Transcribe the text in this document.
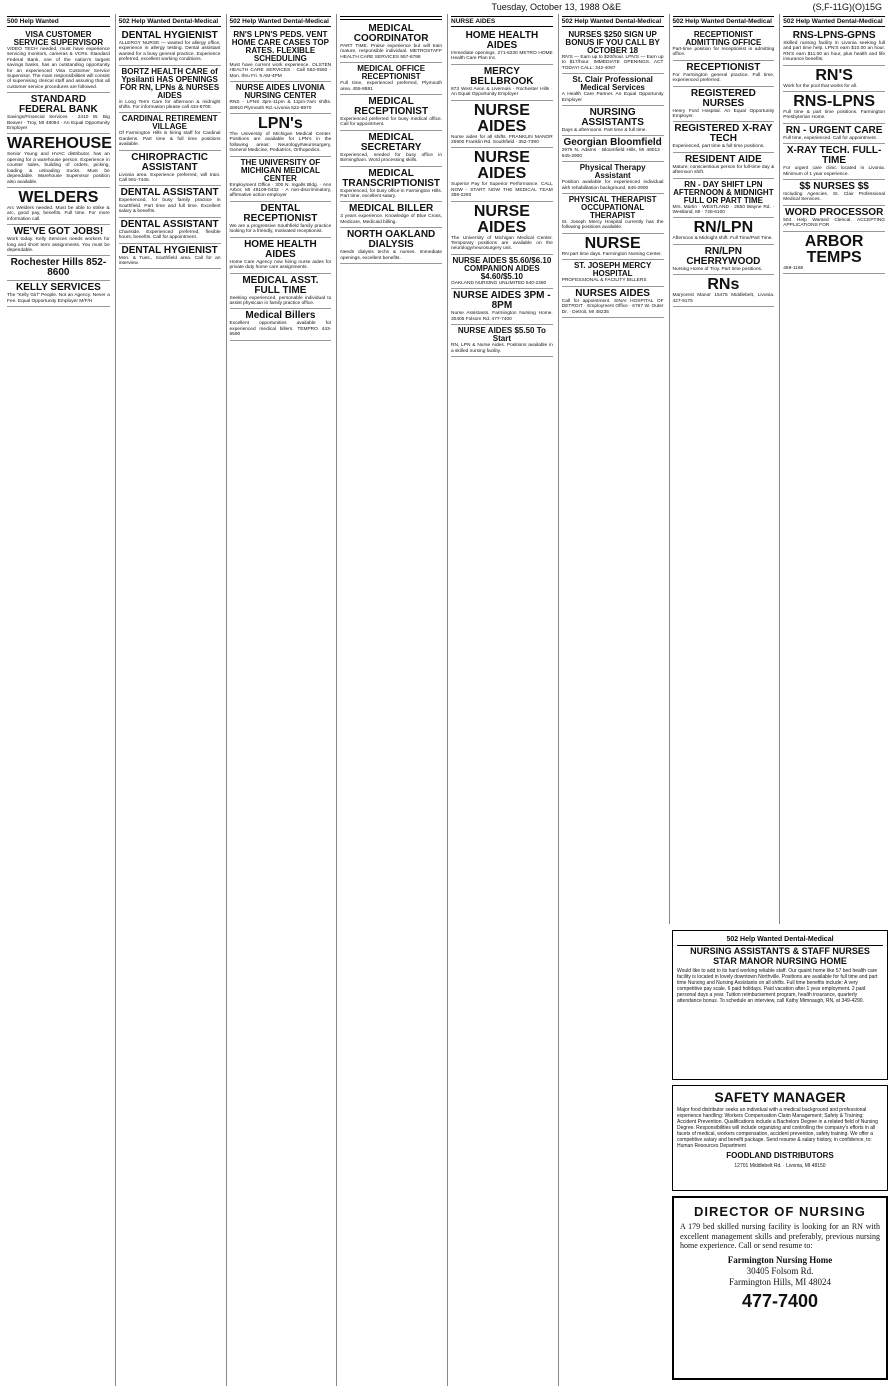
Tuesday, October 13, 1988 O&E	(S,F-11G)(O)15G
500 Help Wanted
VISA CUSTOMER SERVICE SUPERVISOR
VIDEO TECH needed, must have experience servicing monitors, cameras & VCRs. Standard Federal Bank, one of the nation's largest savings banks, has an outstanding opportunity for an experienced Visa Customer Service Supervisor. The main responsibilities will consist of supervising clerical staff and assuring that all customer service procedures are followed.
STANDARD FEDERAL BANK
Savings/Financial Services · 2410 W. Big Beaver · Troy, MI 48084 · An Equal Opportunity Employer
WAREHOUSE
Senior Young and HVAC distributor, has an opening for a warehouse person. Experience in counter sales, building of orders, picking, loading & unloading trucks. Must be dependable. Warehouse Supervisor position also available.
WELDERS
Arc Welders needed. Must be able to strike & arc, good pay, benefits. Full time. For more information call.
WE'VE GOT JOBS!
Work today. Kelly Services needs workers for long and short term assignments. You must be dependable.
Rochester Hills 852-8600
KELLY SERVICES
The "Kelly Girl" People. Not an Agency. Never a Fee. Equal Opportunity Employer M/F/H
502 Help Wanted Dental-Medical
DENTAL HYGIENIST
ALLERGY NURSE — wanted for allergy office, experience in allergy testing. Dental assistant wanted for a busy general practice. Experience preferred, excellent working conditions.
BORTZ HEALTH CARE of Ypsilanti HAS OPENINGS FOR RN, LPNs & NURSES AIDES
in Long Term Care for afternoon & midnight shifts. For information please call 434-8700.
CARDINAL RETIREMENT VILLAGE
Of Farmington Hills is hiring staff for Cardinal Gardens. Part time & full time positions available.
CHIROPRACTIC ASSISTANT
Livonia area. Experience preferred, will train. Call 591-7445.
DENTAL ASSISTANT
Experienced, for busy family practice in Southfield. Part time and full time. Excellent salary & benefits.
DENTAL ASSISTANT
Chairside. Experienced preferred, flexible hours, benefits. Call for appointment.
DENTAL HYGIENIST
Mon. & Tues., Southfield area. Call for an interview.
502 Help Wanted Dental-Medical
RN'S LPN'S PEDS. VENT HOME CARE CASES TOP RATES. FLEXIBLE SCHEDULING
Must have current work experience. OLSTEN HEALTH CARE SERVICES · Call 562-0550 · Mon. thru Fri. 9 AM-4PM
NURSE AIDES LIVONIA NURSING CENTER
RNS - LPNS 3pm-11pm & 11pm-7am shifts. 28910 Plymouth Rd.-Livonia 522-8970
LPN's
The University of Michigan Medical Center. Positions are available for LPN's in the following areas: Neurology/Neurosurgery, General Medicine, Pediatrics, Orthopedics.
THE UNIVERSITY OF MICHIGAN MEDICAL CENTER
Employment Office · 300 N. Ingalls Bldg. · Ann Arbor, MI 48109-0432 · A non-discriminatory, affirmative action employer
DENTAL RECEPTIONIST
We are a progressive Southfield family practice looking for a friendly, motivated receptionist.
HOME HEALTH AIDES
Home Care Agency now hiring nurse aides for private duty home care assignments.
MEDICAL ASST. FULL TIME
Seeking experienced, personable individual to assist physician in family practice office.
Medical Billers
Excellent opportunities available for experienced medical billers. TEMPRO 443-5590
MEDICAL COORDINATOR
PART TIME. Praise experience but will train mature, responsible individual. METROSTAFF HEALTH CARE SERVICES 557-8788
MEDICAL OFFICE RECEPTIONIST
Full time, experienced preferred, Plymouth area. 455-8881
MEDICAL RECEPTIONIST
Experienced preferred for busy medical office. Call for appointment.
MEDICAL SECRETARY
Experienced, needed for busy office in Birmingham. Word processing skills.
MEDICAL TRANSCRIPTIONIST
Experienced, for busy office in Farmington Hills. Part time, excellent salary.
MEDICAL BILLER
3 years experience. Knowledge of Blue Cross, Medicare, Medicaid billing.
NORTH OAKLAND DIALYSIS
Needs dialysis techs & nurses. Immediate openings, excellent benefits.
NURSE AIDES
HOME HEALTH AIDES
Immediate openings. 271-6230 METRO HOME Health Care Plan Inc.
MERCY BELLBROOK
873 West Avon & Livernois · Rochester Hills · An Equal Opportunity Employer
NURSE AIDES
Nurse aides for all shifts. FRANKLIN MANOR 26900 Franklin Rd. Southfield · 352-7390
NURSE AIDES
Superior Pay for Superior Performance. CALL NOW - START NOW THE MEDICAL TEAM 358-2260
NURSE AIDES
The University of Michigan Medical Center. Temporary positions are available on the neurology/neurosurgery unit.
NURSE AIDES $5.60/$6.10 COMPANION AIDES $4.60/$5.10
OAKLAND NURSING UNLIMITED 540-2360
NURSE AIDES 3PM - 8PM
Nurse Assistants. Farmington Nursing Home. 30405 Folsom Rd. 477-7400
NURSE AIDES $5.50 To Start
RN, LPN & Nurse Aides. Positions available in a skilled nursing facility.
502 Help Wanted Dental-Medical
NURSES $250 SIGN UP BONUS IF YOU CALL BY OCTOBER 18
RN'S — Earn up to $20/hour. LPN'S — Earn up to $17/hour. IMMEDIATE OPENINGS. ACT TODAY! CALL: 342-4087
St. Clair Professional Medical Services
A Health Care Partner. An Equal Opportunity Employer
NURSING ASSISTANTS
Days & afternoons. Part time & full time.
Georgian Bloomfield
2975 N. Adams · Bloomfield Hills, MI 48013 · 645-2900
Physical Therapy Assistant
Position available for experienced individual with rehabilitation background. 645-2900
PHYSICAL THERAPIST OCCUPATIONAL THERAPIST
St. Joseph Mercy Hospital currently has the following positions available.
NURSE
RN part time days. Farmington Nursing Center.
ST. JOSEPH MERCY HOSPITAL
PROFESSIONAL & FACILITY BILLERS
NURSES AIDES
Call for appointment. SINAI HOSPITAL OF DETROIT · Employment Office · 6767 W. Outer Dr. · Detroit, MI 48235
502 Help Wanted Dental-Medical
RECEPTIONIST ADMITTING OFFICE
Part-time position for receptionist in admitting office.
RECEPTIONIST
For Farmington general practice. Full time, experienced preferred.
REGISTERED NURSES
Henry Ford Hospital. An Equal Opportunity Employer.
REGISTERED X-RAY TECH
Experienced, part time & full time positions.
RESIDENT AIDE
Mature, conscientious person for full-time day & afternoon shift.
RN - DAY SHIFT LPN AFTERNOON & MIDNIGHT FULL OR PART TIME
Mrs. Martin · WESTLAND · 2650 Wayne Rd. · Westland, MI · 728-6100
RN/LPN
Afternoon & Midnight shift. Full Time/Part Time.
RN/LPN CHERRYWOOD
Nursing Home of Troy. Part time positions.
RNs
Maryorest Manor 15475 Middlebelt, Livonia. 427-9175
502 Help Wanted Dental-Medical
RNS-LPNS-GPNS
Skilled nursing facility in Livonia seeking full and part time help. LPN'S earn $10.00 an hour. RN'S earn $11.00 an hour, plus health and life insurance benefits.
RN'S
Work for the pool that works for all.
RNS-LPNS
Full time & part time positions. Farmington Presbyterian Home.
RN - URGENT CARE
Full time, experienced. Call for appointment.
X-RAY TECH. FULL-TIME
For urgent care clinic located in Livonia. Minimum of 1 year experience.
$$ NURSES $$
Including Agencies. St. Clair Professional Medical Services.
WORD PROCESSOR
504 Help Wanted Clerical. ACCEPTING APPLICATIONS FOR
ARBOR TEMPS
459-1166
502 Help Wanted Dental-Medical
NURSING ASSISTANTS & STAFF NURSES
STAR MANOR NURSING HOME

Would like to add to its hard working reliable staff. Our quaint home like 57 bed health care facility is located in lovely downtown Northville. Positions are available for full time and part time Nursing and Nursing Assistants on all shifts. Full time benefits include: A very competitive pay scale. 6 paid holidays. Paid vacation after 1 year employment. 2 paid personal days a year. Tuition reimbursement program, health insurance, quarterly attendance bonus. To schedule an interview, call Kathy Mimnaugh, RN, at 349-4290.

SAFETY MANAGER

Major food distributor seeks an individual with a medical background and professional experience handling: Workers Compensation Claim Management; Safety & Training; Accident Prevention. Qualifications include a Bachelors Degree in a related field of Nursing Degree. Responsibilities will include organizing and controlling the company's efforts in all facets of medical, workers compensation, accident prevention, safety training. We offer a competitive salary and benefit package. Send resume & salary history, in confidence, to: Human Resources Department

FOODLAND DISTRIBUTORS

12701 Middlebelt Rd. · Livonia, MI 48150

DIRECTOR OF NURSING

A 179 bed skilled nursing facility is looking for an RN with excellent management skills and preferably, previous nursing home experience. Call or send resume to:

Farmington Nursing Home

30405 Folsom Rd.

Farmington Hills, MI 48024

477-7400
